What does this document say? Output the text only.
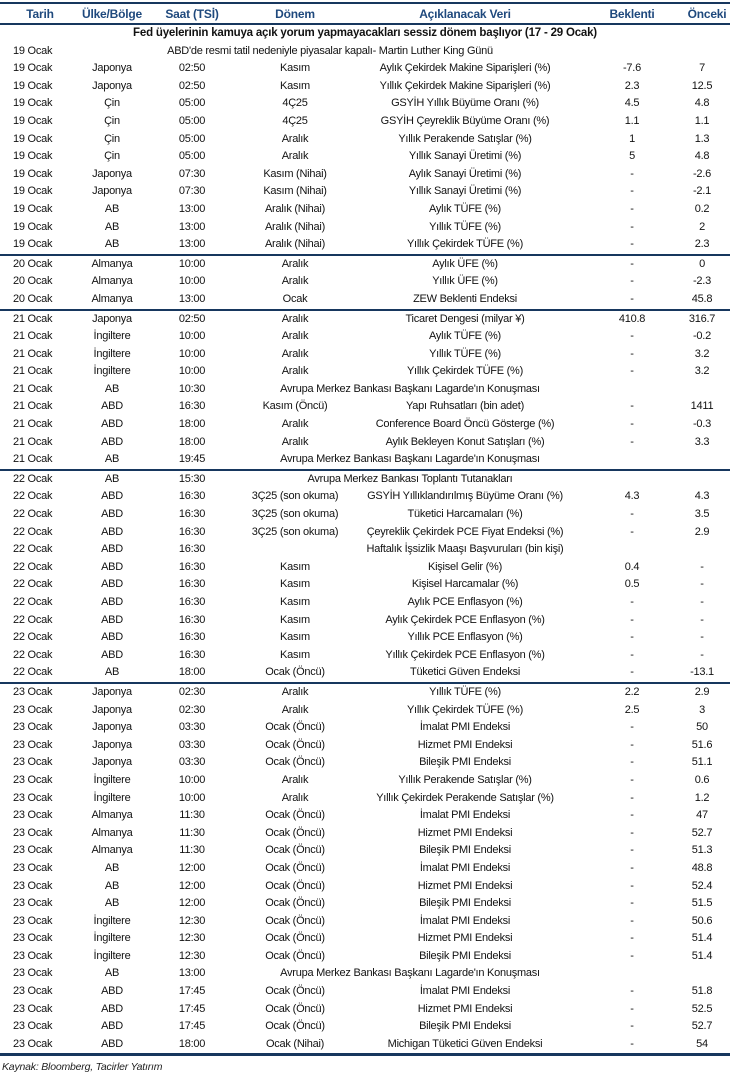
Tarih	Ülke/Bölge	Saat (TSİ)	Dönem	Açıklanacak Veri	Beklenti	Önceki
Fed üyelerinin kamuya açık yorum yapmayacakları sessiz dönem başlıyor (17 - 29 Ocak)						
19 Ocak	ABD'de resmi tatil nedeniyle piyasalar kapalı- Martin Luther King Günü					
19 Ocak	Japonya	02:50	Kasım	Aylık Çekirdek Makine Siparişleri (%)	-7.6	7
19 Ocak	Japonya	02:50	Kasım	Yıllık Çekirdek Makine Siparişleri (%)	2.3	12.5
19 Ocak	Çin	05:00	4Ç25	GSYİH Yıllık Büyüme Oranı (%)	4.5	4.8
19 Ocak	Çin	05:00	4Ç25	GSYİH Çeyreklik Büyüme Oranı (%)	1.1	1.1
19 Ocak	Çin	05:00	Aralık	Yıllık Perakende Satışlar (%)	1	1.3
19 Ocak	Çin	05:00	Aralık	Yıllık Sanayi Üretimi (%)	5	4.8
19 Ocak	Japonya	07:30	Kasım (Nihai)	Aylık Sanayi Üretimi (%)	-	-2.6
19 Ocak	Japonya	07:30	Kasım (Nihai)	Yıllık Sanayi Üretimi (%)	-	-2.1
19 Ocak	AB	13:00	Aralık (Nihai)	Aylık TÜFE (%)	-	0.2
19 Ocak	AB	13:00	Aralık (Nihai)	Yıllık TÜFE (%)	-	2
19 Ocak	AB	13:00	Aralık (Nihai)	Yıllık Çekirdek TÜFE (%)	-	2.3
20 Ocak	Almanya	10:00	Aralık	Aylık ÜFE (%)	-	0
20 Ocak	Almanya	10:00	Aralık	Yıllık ÜFE (%)	-	-2.3
20 Ocak	Almanya	13:00	Ocak	ZEW Beklenti Endeksi	-	45.8
21 Ocak	Japonya	02:50	Aralık	Ticaret Dengesi (milyar ¥)	410.8	316.7
21 Ocak	İngiltere	10:00	Aralık	Aylık TÜFE (%)	-	-0.2
21 Ocak	İngiltere	10:00	Aralık	Yıllık TÜFE (%)	-	3.2
21 Ocak	İngiltere	10:00	Aralık	Yıllık Çekirdek TÜFE (%)	-	3.2
21 Ocak	AB	10:30	Avrupa Merkez Bankası Başkanı Lagarde'ın Konuşması			
21 Ocak	ABD	16:30	Kasım (Öncü)	Yapı Ruhsatları (bin adet)	-	1411
21 Ocak	ABD	18:00	Aralık	Conference Board Öncü Gösterge (%)	-	-0.3
21 Ocak	ABD	18:00	Aralık	Aylık Bekleyen Konut Satışları (%)	-	3.3
21 Ocak	AB	19:45	Avrupa Merkez Bankası Başkanı Lagarde'ın Konuşması			
22 Ocak	AB	15:30	Avrupa Merkez Bankası Toplantı Tutanakları			
22 Ocak	ABD	16:30	3Ç25 (son okuma)	GSYİH Yıllıklandırılmış Büyüme Oranı (%)	4.3	4.3
22 Ocak	ABD	16:30	3Ç25 (son okuma)	Tüketici Harcamaları (%)	-	3.5
22 Ocak	ABD	16:30	3Ç25 (son okuma)	Çeyreklik Çekirdek PCE Fiyat Endeksi (%)	-	2.9
22 Ocak	ABD	16:30		Haftalık İşsizlik Maaşı Başvuruları (bin kişi)		
22 Ocak	ABD	16:30	Kasım	Kişisel Gelir (%)	0.4	-
22 Ocak	ABD	16:30	Kasım	Kişisel Harcamalar (%)	0.5	-
22 Ocak	ABD	16:30	Kasım	Aylık PCE Enflasyon (%)	-	-
22 Ocak	ABD	16:30	Kasım	Aylık Çekirdek PCE Enflasyon (%)	-	-
22 Ocak	ABD	16:30	Kasım	Yıllık PCE Enflasyon (%)	-	-
22 Ocak	ABD	16:30	Kasım	Yıllık Çekirdek PCE Enflasyon (%)	-	-
22 Ocak	AB	18:00	Ocak (Öncü)	Tüketici Güven Endeksi	-	-13.1
23 Ocak	Japonya	02:30	Aralık	Yıllık TÜFE (%)	2.2	2.9
23 Ocak	Japonya	02:30	Aralık	Yıllık Çekirdek TÜFE (%)	2.5	3
23 Ocak	Japonya	03:30	Ocak (Öncü)	İmalat PMI Endeksi	-	50
23 Ocak	Japonya	03:30	Ocak (Öncü)	Hizmet PMI Endeksi	-	51.6
23 Ocak	Japonya	03:30	Ocak (Öncü)	Bileşik PMI Endeksi	-	51.1
23 Ocak	İngiltere	10:00	Aralık	Yıllık Perakende Satışlar (%)	-	0.6
23 Ocak	İngiltere	10:00	Aralık	Yıllık Çekirdek Perakende Satışlar (%)	-	1.2
23 Ocak	Almanya	11:30	Ocak (Öncü)	İmalat PMI Endeksi	-	47
23 Ocak	Almanya	11:30	Ocak (Öncü)	Hizmet PMI Endeksi	-	52.7
23 Ocak	Almanya	11:30	Ocak (Öncü)	Bileşik PMI Endeksi	-	51.3
23 Ocak	AB	12:00	Ocak (Öncü)	İmalat PMI Endeksi	-	48.8
23 Ocak	AB	12:00	Ocak (Öncü)	Hizmet PMI Endeksi	-	52.4
23 Ocak	AB	12:00	Ocak (Öncü)	Bileşik PMI Endeksi	-	51.5
23 Ocak	İngiltere	12:30	Ocak (Öncü)	İmalat PMI Endeksi	-	50.6
23 Ocak	İngiltere	12:30	Ocak (Öncü)	Hizmet PMI Endeksi	-	51.4
23 Ocak	İngiltere	12:30	Ocak (Öncü)	Bileşik PMI Endeksi	-	51.4
23 Ocak	AB	13:00	Avrupa Merkez Bankası Başkanı Lagarde'ın Konuşması			
23 Ocak	ABD	17:45	Ocak (Öncü)	İmalat PMI Endeksi	-	51.8
23 Ocak	ABD	17:45	Ocak (Öncü)	Hizmet PMI Endeksi	-	52.5
23 Ocak	ABD	17:45	Ocak (Öncü)	Bileşik PMI Endeksi	-	52.7
23 Ocak	ABD	18:00	Ocak (Nihai)	Michigan Tüketici Güven Endeksi	-	54
Kaynak: Bloomberg, Tacirler Yatırım
